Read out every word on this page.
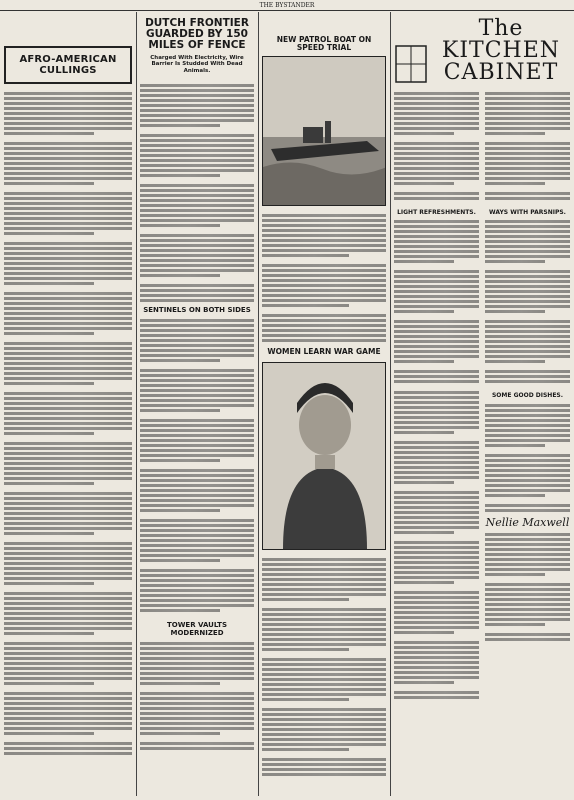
THE BYSTANDER
AFRO-AMERICAN CULLINGS
DUTCH FRONTIER GUARDED BY 150 MILES OF FENCE
Charged With Electricity, Wire Barrier Is Studded With Dead Animals.
SENTINELS ON BOTH SIDES
TOWER VAULTS MODERNIZED
NEW PATROL BOAT ON SPEED TRIAL
WOMEN LEARN WAR GAME
The KITCHEN
CABINET
LIGHT REFRESHMENTS.	WAYS WITH PARSNIPS.
SOME GOOD DISHES.
Nellie Maxwell
